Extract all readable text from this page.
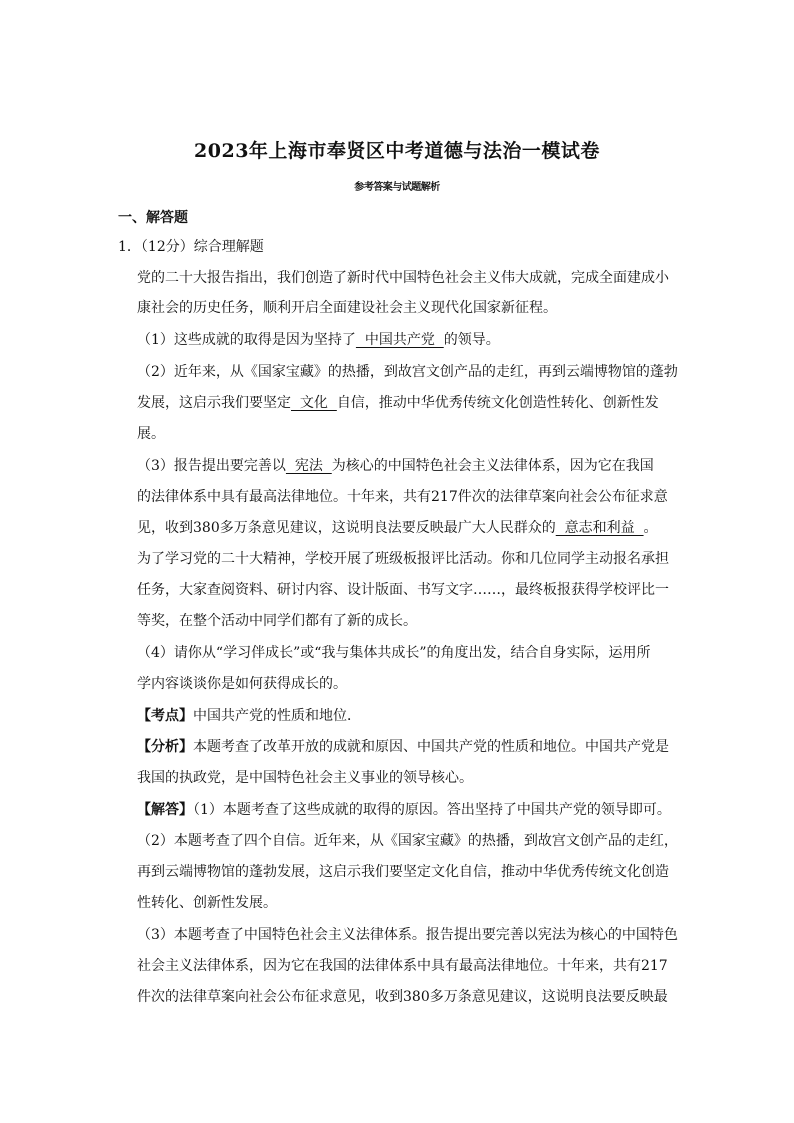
2023年上海市奉贤区中考道德与法治一模试卷
参考答案与试题解析
一、解答题
1．（12分）综合理解题
党的二十大报告指出，我们创造了新时代中国特色社会主义伟大成就，完成全面建成小
康社会的历史任务，顺利开启全面建设社会主义现代化国家新征程。
（1）这些成就的取得是因为坚持了  中国共产党  的领导。
（2）近年来，从《国家宝藏》的热播，到故宫文创产品的走红，再到云端博物馆的蓬勃
发展，这启示我们要坚定  文化  自信，推动中华优秀传统文化创造性转化、创新性发
展。
（3）报告提出要完善以  宪法  为核心的中国特色社会主义法律体系，因为它在我国
的法律体系中具有最高法律地位。十年来，共有217件次的法律草案向社会公布征求意
见，收到380多万条意见建议，这说明良法要反映最广大人民群众的  意志和利益  。
为了学习党的二十大精神，学校开展了班级板报评比活动。你和几位同学主动报名承担
任务，大家查阅资料、研讨内容、设计版面、书写文字……，最终板报获得学校评比一
等奖，在整个活动中同学们都有了新的成长。
（4）请你从“学习伴成长”或“我与集体共成长”的角度出发，结合自身实际，运用所
学内容谈谈你是如何获得成长的。
【考点】中国共产党的性质和地位．
【分析】本题考查了改革开放的成就和原因、中国共产党的性质和地位。中国共产党是
我国的执政党，是中国特色社会主义事业的领导核心。
【解答】（1）本题考查了这些成就的取得的原因。答出坚持了中国共产党的领导即可。
（2）本题考查了四个自信。近年来，从《国家宝藏》的热播，到故宫文创产品的走红，
再到云端博物馆的蓬勃发展，这启示我们要坚定文化自信，推动中华优秀传统文化创造
性转化、创新性发展。
（3）本题考查了中国特色社会主义法律体系。报告提出要完善以宪法为核心的中国特色
社会主义法律体系，因为它在我国的法律体系中具有最高法律地位。十年来，共有217
件次的法律草案向社会公布征求意见，收到380多万条意见建议，这说明良法要反映最
